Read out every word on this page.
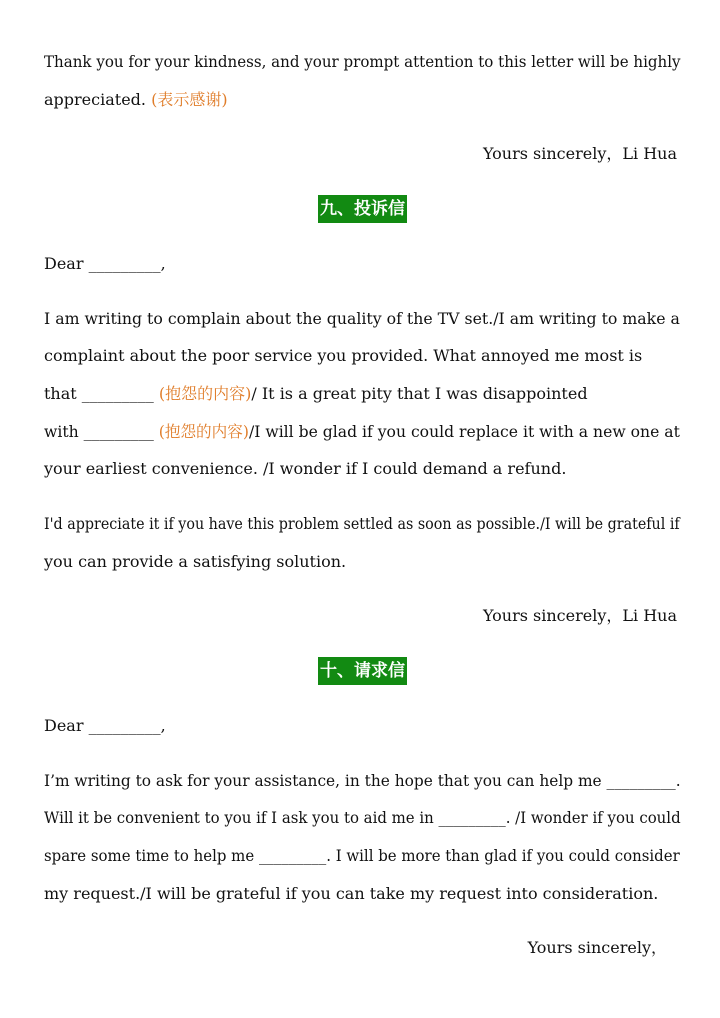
Thank you for your kindness, and your prompt attention to this letter will be highly
appreciated. (表示感谢)
Yours sincerely，Li Hua
九、投诉信
Dear _________,
I am writing to complain about the quality of the TV set./I am writing to make a
complaint about the poor service you provided. What annoyed me most is
that _________ (抱怨的内容)/ It is a great pity that I was disappointed
with _________ (抱怨的内容)/I will be glad if you could replace it with a new one at
your earliest convenience. /I wonder if I could demand a refund.
I'd appreciate it if you have this problem settled as soon as possible./I will be grateful if
you can provide a satisfying solution.
Yours sincerely，Li Hua
十、请求信
Dear _________,
I’m writing to ask for your assistance, in the hope that you can help me _________.
Will it be convenient to you if I ask you to aid me in _________. /I wonder if you could
spare some time to help me _________. I will be more than glad if you could consider
my request./I will be grateful if you can take my request into consideration.
Yours sincerely，
